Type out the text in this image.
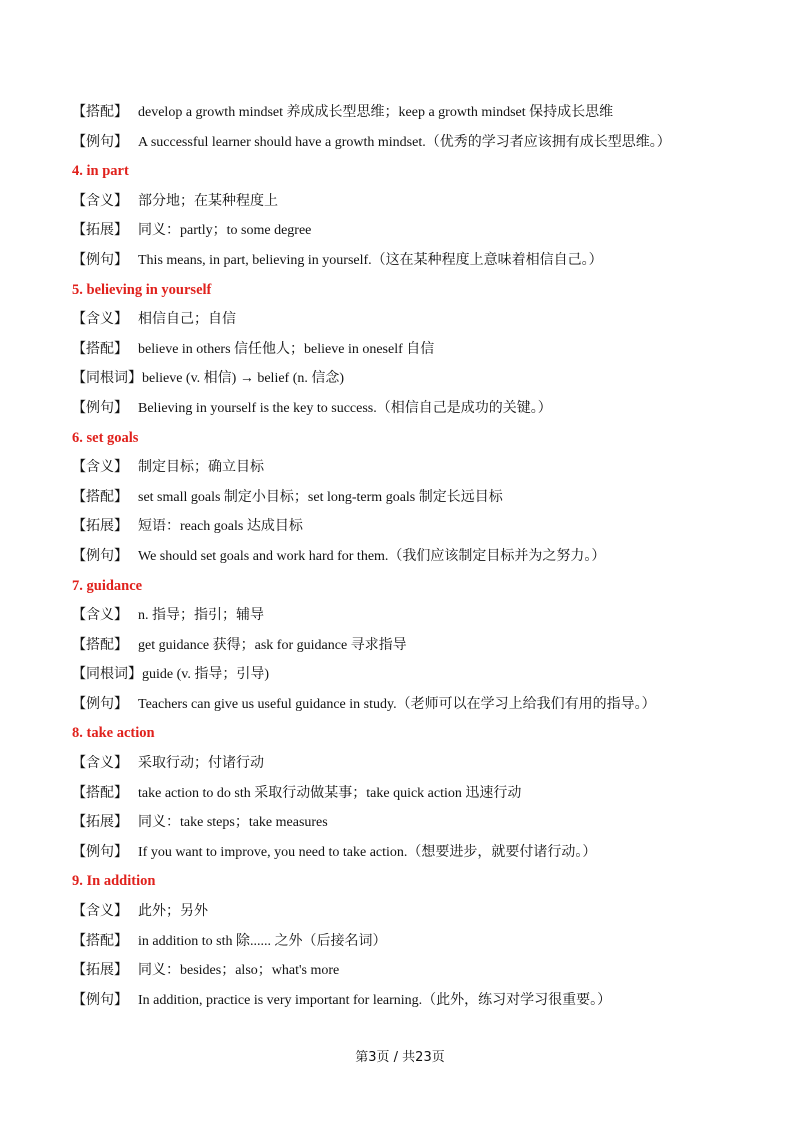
【搭配】 develop a growth mindset 养成成长型思维；keep a growth mindset 保持成长思维
【例句】 A successful learner should have a growth mindset.（优秀的学习者应该拥有成长型思维。）
4. in part
【含义】 部分地；在某种程度上
【拓展】 同义：partly；to some degree
【例句】 This means, in part, believing in yourself.（这在某种程度上意味着相信自己。）
5. believing in yourself
【含义】 相信自己；自信
【搭配】 believe in others 信任他人；believe in oneself 自信
【同根词】believe (v. 相信) → belief (n. 信念)
【例句】 Believing in yourself is the key to success.（相信自己是成功的关键。）
6. set goals
【含义】 制定目标；确立目标
【搭配】 set small goals 制定小目标；set long-term goals 制定长远目标
【拓展】 短语：reach goals 达成目标
【例句】 We should set goals and work hard for them.（我们应该制定目标并为之努力。）
7. guidance
【含义】 n. 指导；指引；辅导
【搭配】 get guidance 获得；ask for guidance 寻求指导
【同根词】guide (v. 指导；引导)
【例句】 Teachers can give us useful guidance in study.（老师可以在学习上给我们有用的指导。）
8. take action
【含义】 采取行动；付诸行动
【搭配】 take action to do sth 采取行动做某事；take quick action 迅速行动
【拓展】 同义：take steps；take measures
【例句】 If you want to improve, you need to take action.（想要进步，就要付诸行动。）
9. In addition
【含义】 此外；另外
【搭配】 in addition to sth 除...... 之外（后接名词）
【拓展】 同义：besides；also；what's more
【例句】 In addition, practice is very important for learning.（此外，练习对学习很重要。）
第3页 / 共23页
